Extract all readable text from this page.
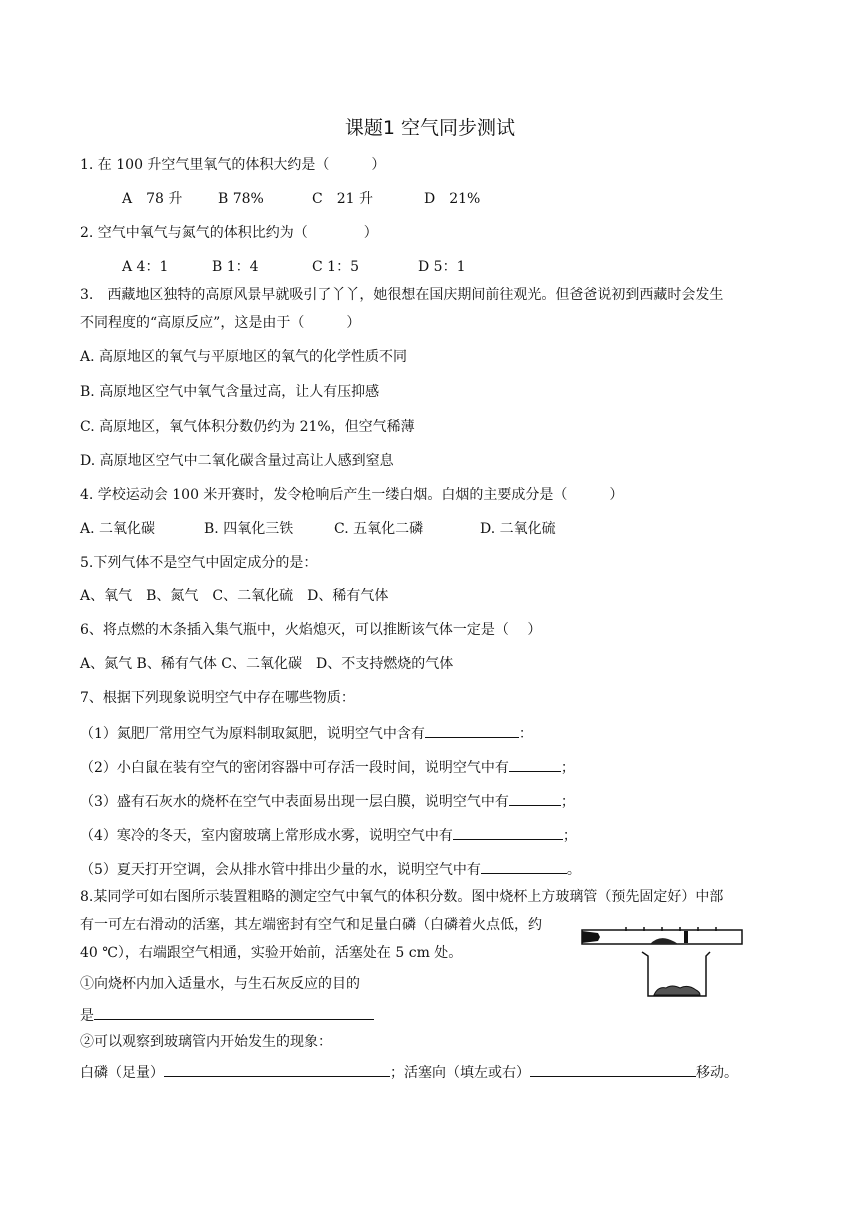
课题1 空气同步测试
1. 在 100 升空气里氧气的体积大约是（　　　）
A　78 升	B 78%	C　21 升	D　21%
2. 空气中氧气与氮气的体积比约为（　　　　）
A 4：1	B 1：4	C 1：5	D 5：1
3.　西藏地区独特的高原风景早就吸引了丫丫，她很想在国庆期间前往观光。但爸爸说初到西藏时会发生
不同程度的“高原反应”，这是由于（　　　）
A. 高原地区的氧气与平原地区的氧气的化学性质不同
B. 高原地区空气中氧气含量过高，让人有压抑感
C. 高原地区，氧气体积分数仍约为 21%，但空气稀薄
D. 高原地区空气中二氧化碳含量过高让人感到窒息
4. 学校运动会 100 米开赛时，发令枪响后产生一缕白烟。白烟的主要成分是（　　　）
A. 二氧化碳	B. 四氧化三铁	C. 五氧化二磷	D. 二氧化硫
5.下列气体不是空气中固定成分的是：
A、氧气　B、氮气　C、二氧化硫　D、稀有气体
6、将点燃的木条插入集气瓶中，火焰熄灭，可以推断该气体一定是（　 ）
A、氮气 B、稀有气体 C、二氧化碳　D、不支持燃烧的气体
7、根据下列现象说明空气中存在哪些物质：
（1）氮肥厂常用空气为原料制取氮肥，说明空气中含有	：
（2）小白鼠在装有空气的密闭容器中可存活一段时间，说明空气中有	；
（3）盛有石灰水的烧杯在空气中表面易出现一层白膜，说明空气中有	；
（4）寒冷的冬天，室内窗玻璃上常形成水雾，说明空气中有	；
（5）夏天打开空调，会从排水管中排出少量的水，说明空气中有	。
8.某同学可如右图所示装置粗略的测定空气中氧气的体积分数。图中烧杯上方玻璃管（预先固定好）中部
有一可左右滑动的活塞，其左端密封有空气和足量白磷（白磷着火点低，约
40 ℃），右端跟空气相通，实验开始前，活塞处在 5 cm 处。
①向烧杯内加入适量水，与生石灰反应的目的
是
②可以观察到玻璃管内开始发生的现象：
白磷（足量）	；活塞向（填左或右）	移动。
